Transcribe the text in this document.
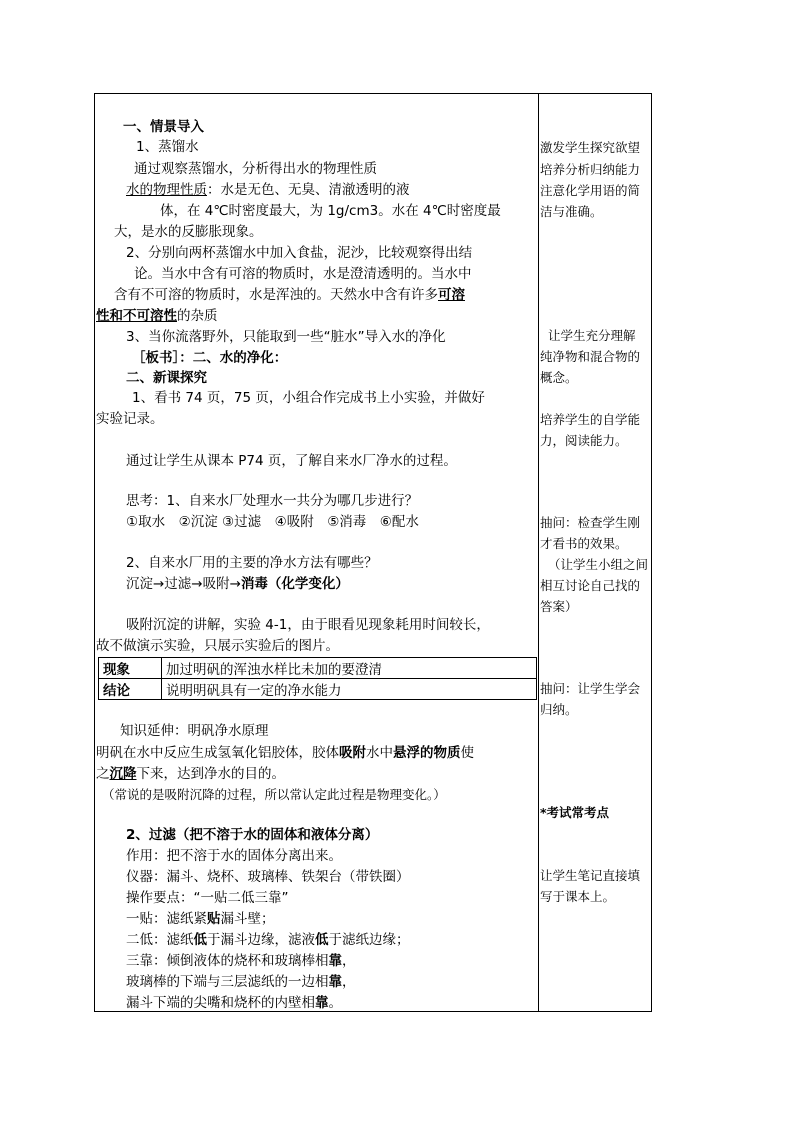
一、情景导入
1、蒸馏水
通过观察蒸馏水，分析得出水的物理性质
水的物理性质：水是无色、无臭、清澈透明的液
体，在 4℃时密度最大，为 1g/cm3。水在 4℃时密度最
大，是水的反膨胀现象。
2、分别向两杯蒸馏水中加入食盐，泥沙，比较观察得出结
论。当水中含有可溶的物质时，水是澄清透明的。当水中
含有不可溶的物质时，水是浑浊的。天然水中含有许多可溶
性和不可溶性的杂质
3、当你流落野外，只能取到一些“脏水”导入水的净化
［板书］：二、水的净化：
二、新课探究
1、看书 74 页，75 页，小组合作完成书上小实验，并做好
实验记录。
通过让学生从课本 P74 页，了解自来水厂净水的过程。
思考：1、自来水厂处理水一共分为哪几步进行？
①取水　②沉淀 ③过滤　④吸附　⑤消毒　⑥配水
2、自来水厂用的主要的净水方法有哪些？
沉淀→过滤→吸附→消毒（化学变化）
吸附沉淀的讲解，实验 4-1，由于眼看见现象耗用时间较长，
故不做演示实验，只展示实验后的图片。
现象	加过明矾的浑浊水样比未加的要澄清
结论	说明明矾具有一定的净水能力
知识延伸：明矾净水原理
明矾在水中反应生成氢氧化铝胶体，胶体吸附水中悬浮的物质使
之沉降下来，达到净水的目的。
（常说的是吸附沉降的过程，所以常认定此过程是物理变化。）
2、过滤（把不溶于水的固体和液体分离）
作用：把不溶于水的固体分离出来。
仪器：漏斗、烧杯、玻璃棒、铁架台（带铁圈）
操作要点：“一贴二低三靠”
一贴：滤纸紧贴漏斗壁；
二低：滤纸低于漏斗边缘，滤液低于滤纸边缘；
三靠：倾倒液体的烧杯和玻璃棒相靠，
玻璃棒的下端与三层滤纸的一边相靠，
漏斗下端的尖嘴和烧杯的内壁相靠。
激发学生探究欲望
培养分析归纳能力
注意化学用语的简
洁与准确。
让学生充分理解
纯净物和混合物的
概念。
培养学生的自学能
力，阅读能力。
抽问：检查学生刚
才看书的效果。
（让学生小组之间
相互讨论自己找的
答案）
抽问：让学生学会
归纳。
*考试常考点
让学生笔记直接填
写于课本上。
